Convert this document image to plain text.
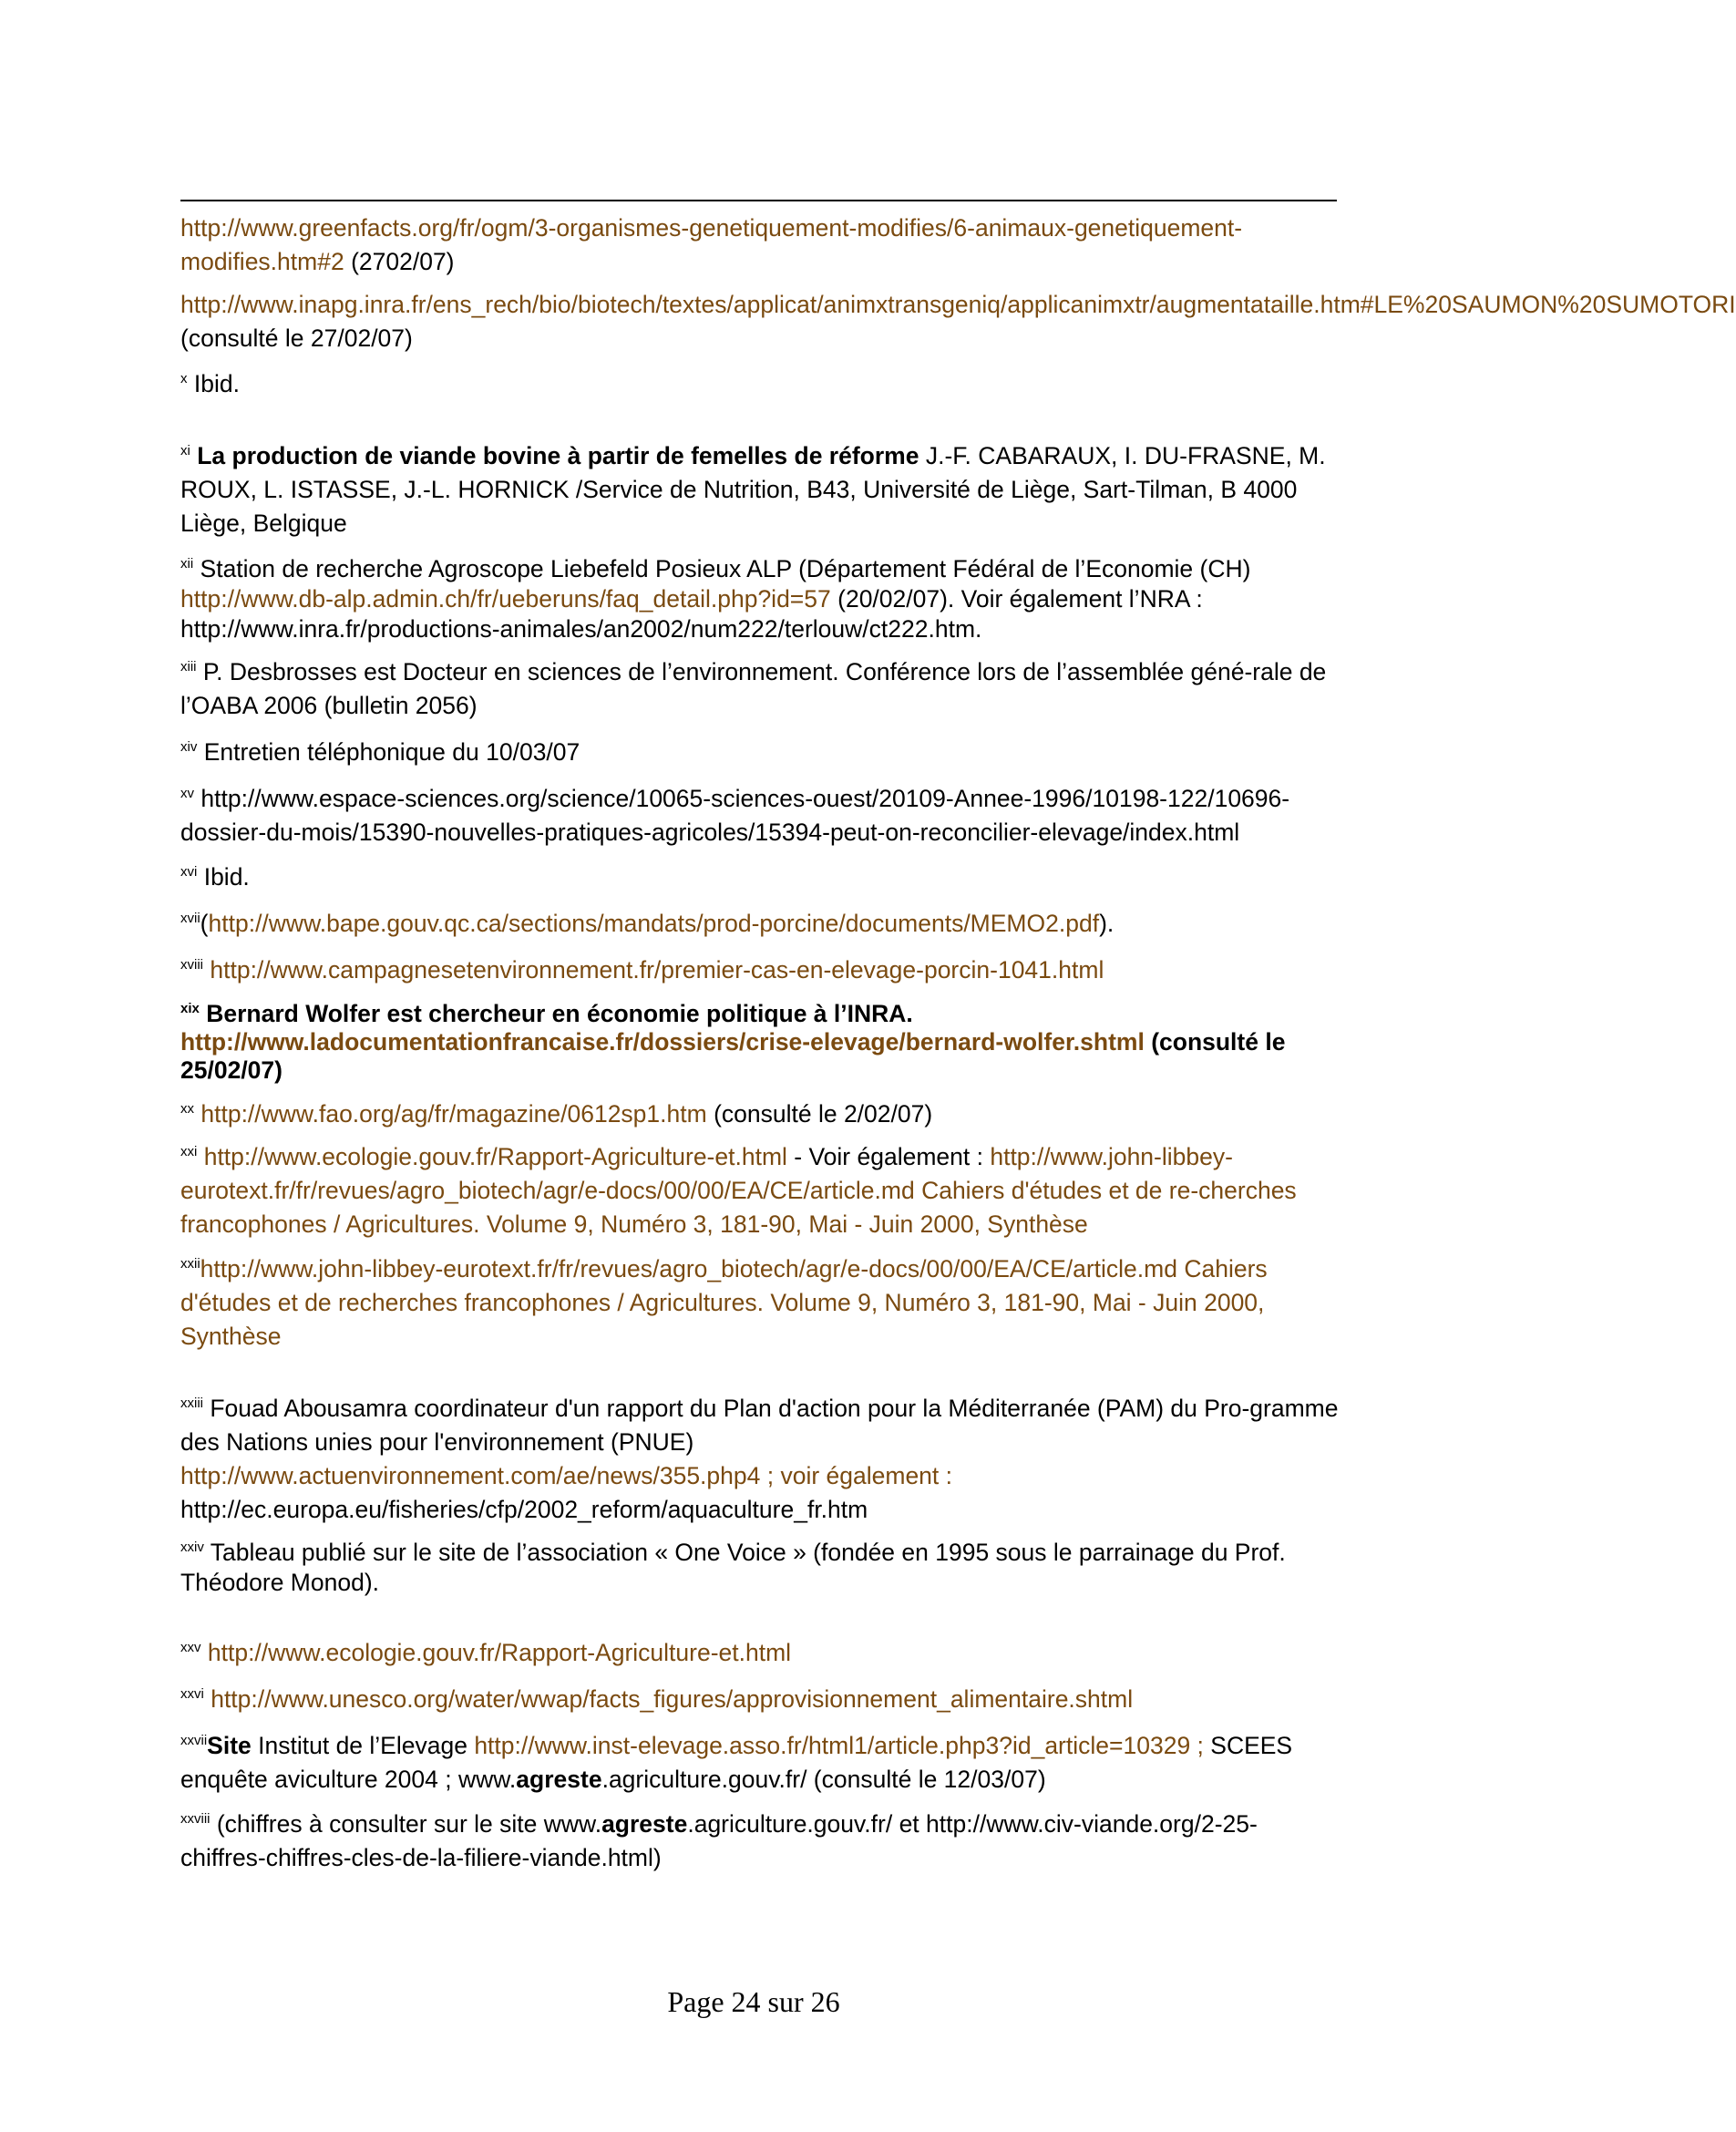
http://www.greenfacts.org/fr/ogm/3-organismes-genetiquement-modifies/6-animaux-genetiquement-modifies.htm#2 (2702/07)

http://www.inapg.inra.fr/ens_rech/bio/biotech/textes/applicat/animxtransgeniq/applicanimxtr/augmentataille.htm#LE%20SAUMON%20SUMOTORI (consulté le 27/02/07)

$^x$ Ibid.

$^{xi}$ La production de viande bovine à partir de femelles de réforme J.-F. CABARAUX, I. DU-FRASNE, M. ROUX, L. ISTASSE, J.-L. HORNICK /Service de Nutrition, B43, Université de Liège, Sart-Tilman, B 4000 Liège, Belgique

$^{xii}$ Station de recherche Agroscope Liebefeld Posieux ALP (Département Fédéral de l’Economie (CH)
http://www.db-alp.admin.ch/fr/ueberuns/faq_detail.php?id=57 (20/02/07). Voir également l’NRA :
http://www.inra.fr/productions-animales/an2002/num222/terlouw/ct222.htm.

$^{xiii}$ P. Desbrosses est Docteur en sciences de l’environnement. Conférence lors de l’assemblée géné-rale de l’OABA 2006 (bulletin 2056)

$^{xiv}$ Entretien téléphonique du 10/03/07

$^{xv}$ http://www.espace-sciences.org/science/10065-sciences-ouest/20109-Annee-1996/10198-122/10696-dossier-du-mois/15390-nouvelles-pratiques-agricoles/15394-peut-on-reconcilier-elevage/index.html

$^{xvi}$ Ibid.

$^{xvii}$(http://www.bape.gouv.qc.ca/sections/mandats/prod-porcine/documents/MEMO2.pdf).

$^{xviii}$ http://www.campagnesetenvironnement.fr/premier-cas-en-elevage-porcin-1041.html

$^{xix}$ Bernard Wolfer est chercheur en économie politique à l’INRA.
http://www.ladocumentationfrancaise.fr/dossiers/crise-elevage/bernard-wolfer.shtml (consulté le 25/02/07)

$^{xx}$ http://www.fao.org/ag/fr/magazine/0612sp1.htm (consulté le 2/02/07)

$^{xxi}$ http://www.ecologie.gouv.fr/Rapport-Agriculture-et.html - Voir également : http://www.john-libbey-eurotext.fr/fr/revues/agro_biotech/agr/e-docs/00/00/EA/CE/article.md Cahiers d'études et de re-cherches francophones / Agricultures. Volume 9, Numéro 3, 181-90, Mai - Juin 2000, Synthèse

$^{xxii}$http://www.john-libbey-eurotext.fr/fr/revues/agro_biotech/agr/e-docs/00/00/EA/CE/article.md Cahiers d'études et de recherches francophones / Agricultures. Volume 9, Numéro 3, 181-90, Mai - Juin 2000, Synthèse

$^{xxiii}$ Fouad Abousamra coordinateur d'un rapport du Plan d'action pour la Méditerranée (PAM) du Pro-gramme des Nations unies pour l'environnement (PNUE)
http://www.actuenvironnement.com/ae/news/355.php4 ; voir également :
http://ec.europa.eu/fisheries/cfp/2002_reform/aquaculture_fr.htm

$^{xxiv}$ Tableau publié sur le site de l’association « One Voice » (fondée en 1995 sous le parrainage du Prof. Théodore Monod).

$^{xxv}$ http://www.ecologie.gouv.fr/Rapport-Agriculture-et.html

$^{xxvi}$ http://www.unesco.org/water/wwap/facts_figures/approvisionnement_alimentaire.shtml

$^{xxvii}$Site Institut de l’Elevage http://www.inst-elevage.asso.fr/html1/article.php3?id_article=10329 ; SCEES enquête aviculture 2004 ; www.agreste.agriculture.gouv.fr/ (consulté le 12/03/07)

$^{xxviii}$ (chiffres à consulter sur le site www.agreste.agriculture.gouv.fr/ et http://www.civ-viande.org/2-25-chiffres-chiffres-cles-de-la-filiere-viande.html)

Page 24 sur 26
